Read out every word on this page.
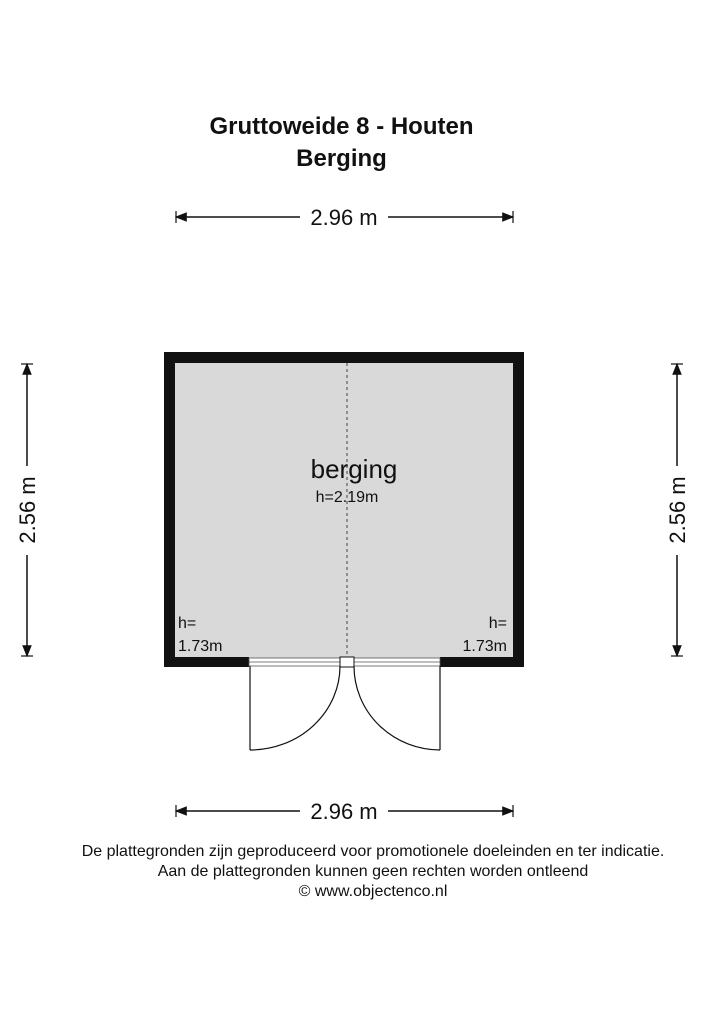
Gruttoweide 8 - Houten
Berging
2.96 m
2.56 m	2.56 m
berging
h=2.19m
h=
1.73m
h=
1.73m
2.96 m
De plattegronden zijn geproduceerd voor promotionele doeleinden en ter indicatie.
Aan de plattegronden kunnen geen rechten worden ontleend
© www.objectenco.nl
